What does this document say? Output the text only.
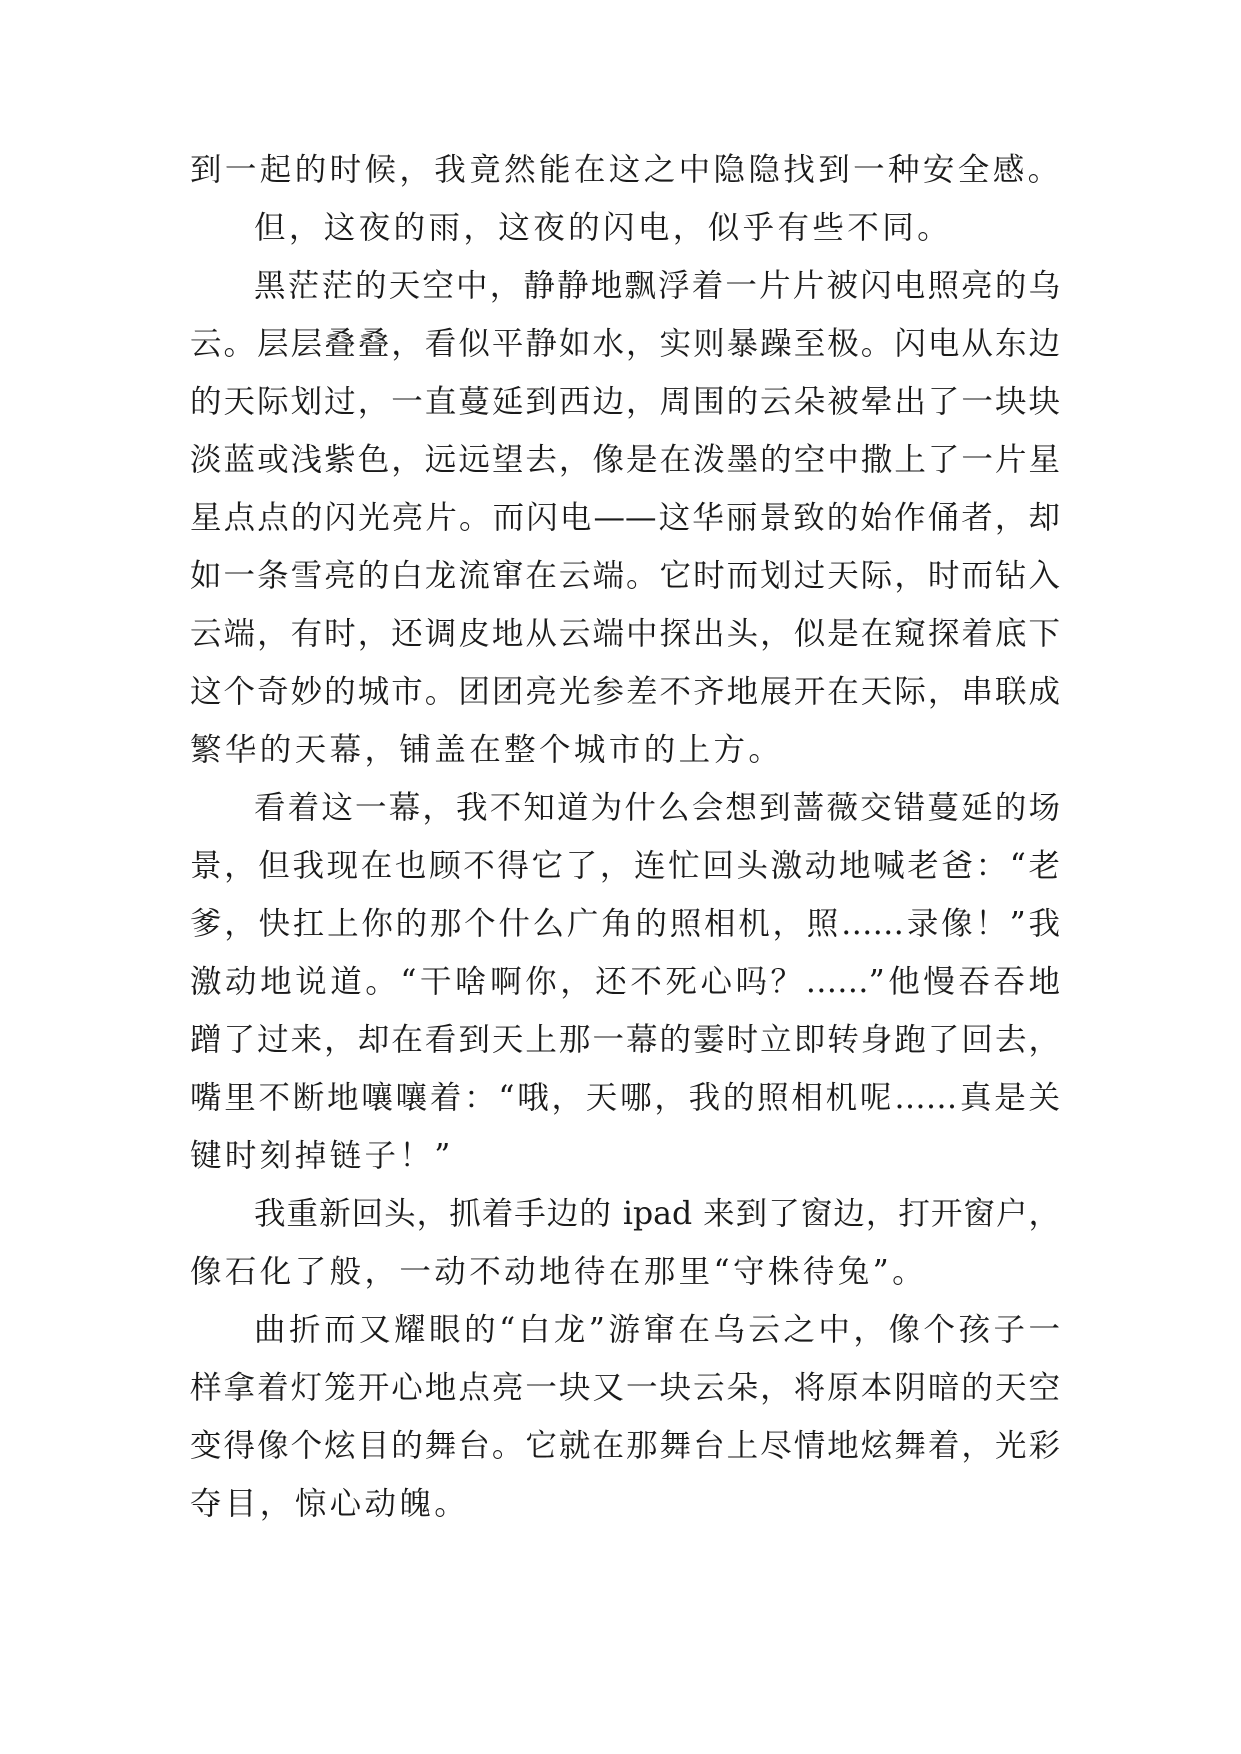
到一起的时候，我竟然能在这之中隐隐找到一种安全感。
但，这夜的雨，这夜的闪电，似乎有些不同。
黑茫茫的天空中，静静地飘浮着一片片被闪电照亮的乌
云。层层叠叠，看似平静如水，实则暴躁至极。闪电从东边
的天际划过，一直蔓延到西边，周围的云朵被晕出了一块块
淡蓝或浅紫色，远远望去，像是在泼墨的空中撒上了一片星
星点点的闪光亮片。而闪电——这华丽景致的始作俑者，却
如一条雪亮的白龙流窜在云端。它时而划过天际，时而钻入
云端，有时，还调皮地从云端中探出头，似是在窥探着底下
这个奇妙的城市。团团亮光参差不齐地展开在天际，串联成
繁华的天幕，铺盖在整个城市的上方。
看着这一幕，我不知道为什么会想到蔷薇交错蔓延的场
景，但我现在也顾不得它了，连忙回头激动地喊老爸：“老
爹，快扛上你的那个什么广角的照相机，照……录像！”我
激动地说道。“干啥啊你，还不死心吗？……”他慢吞吞地
蹭了过来，却在看到天上那一幕的霎时立即转身跑了回去，
嘴里不断地嚷嚷着：“哦，天哪，我的照相机呢……真是关
键时刻掉链子！”
我重新回头，抓着手边的 ipad 来到了窗边，打开窗户，
像石化了般，一动不动地待在那里“守株待兔”。
曲折而又耀眼的“白龙”游窜在乌云之中，像个孩子一
样拿着灯笼开心地点亮一块又一块云朵，将原本阴暗的天空
变得像个炫目的舞台。它就在那舞台上尽情地炫舞着，光彩
夺目，惊心动魄。
